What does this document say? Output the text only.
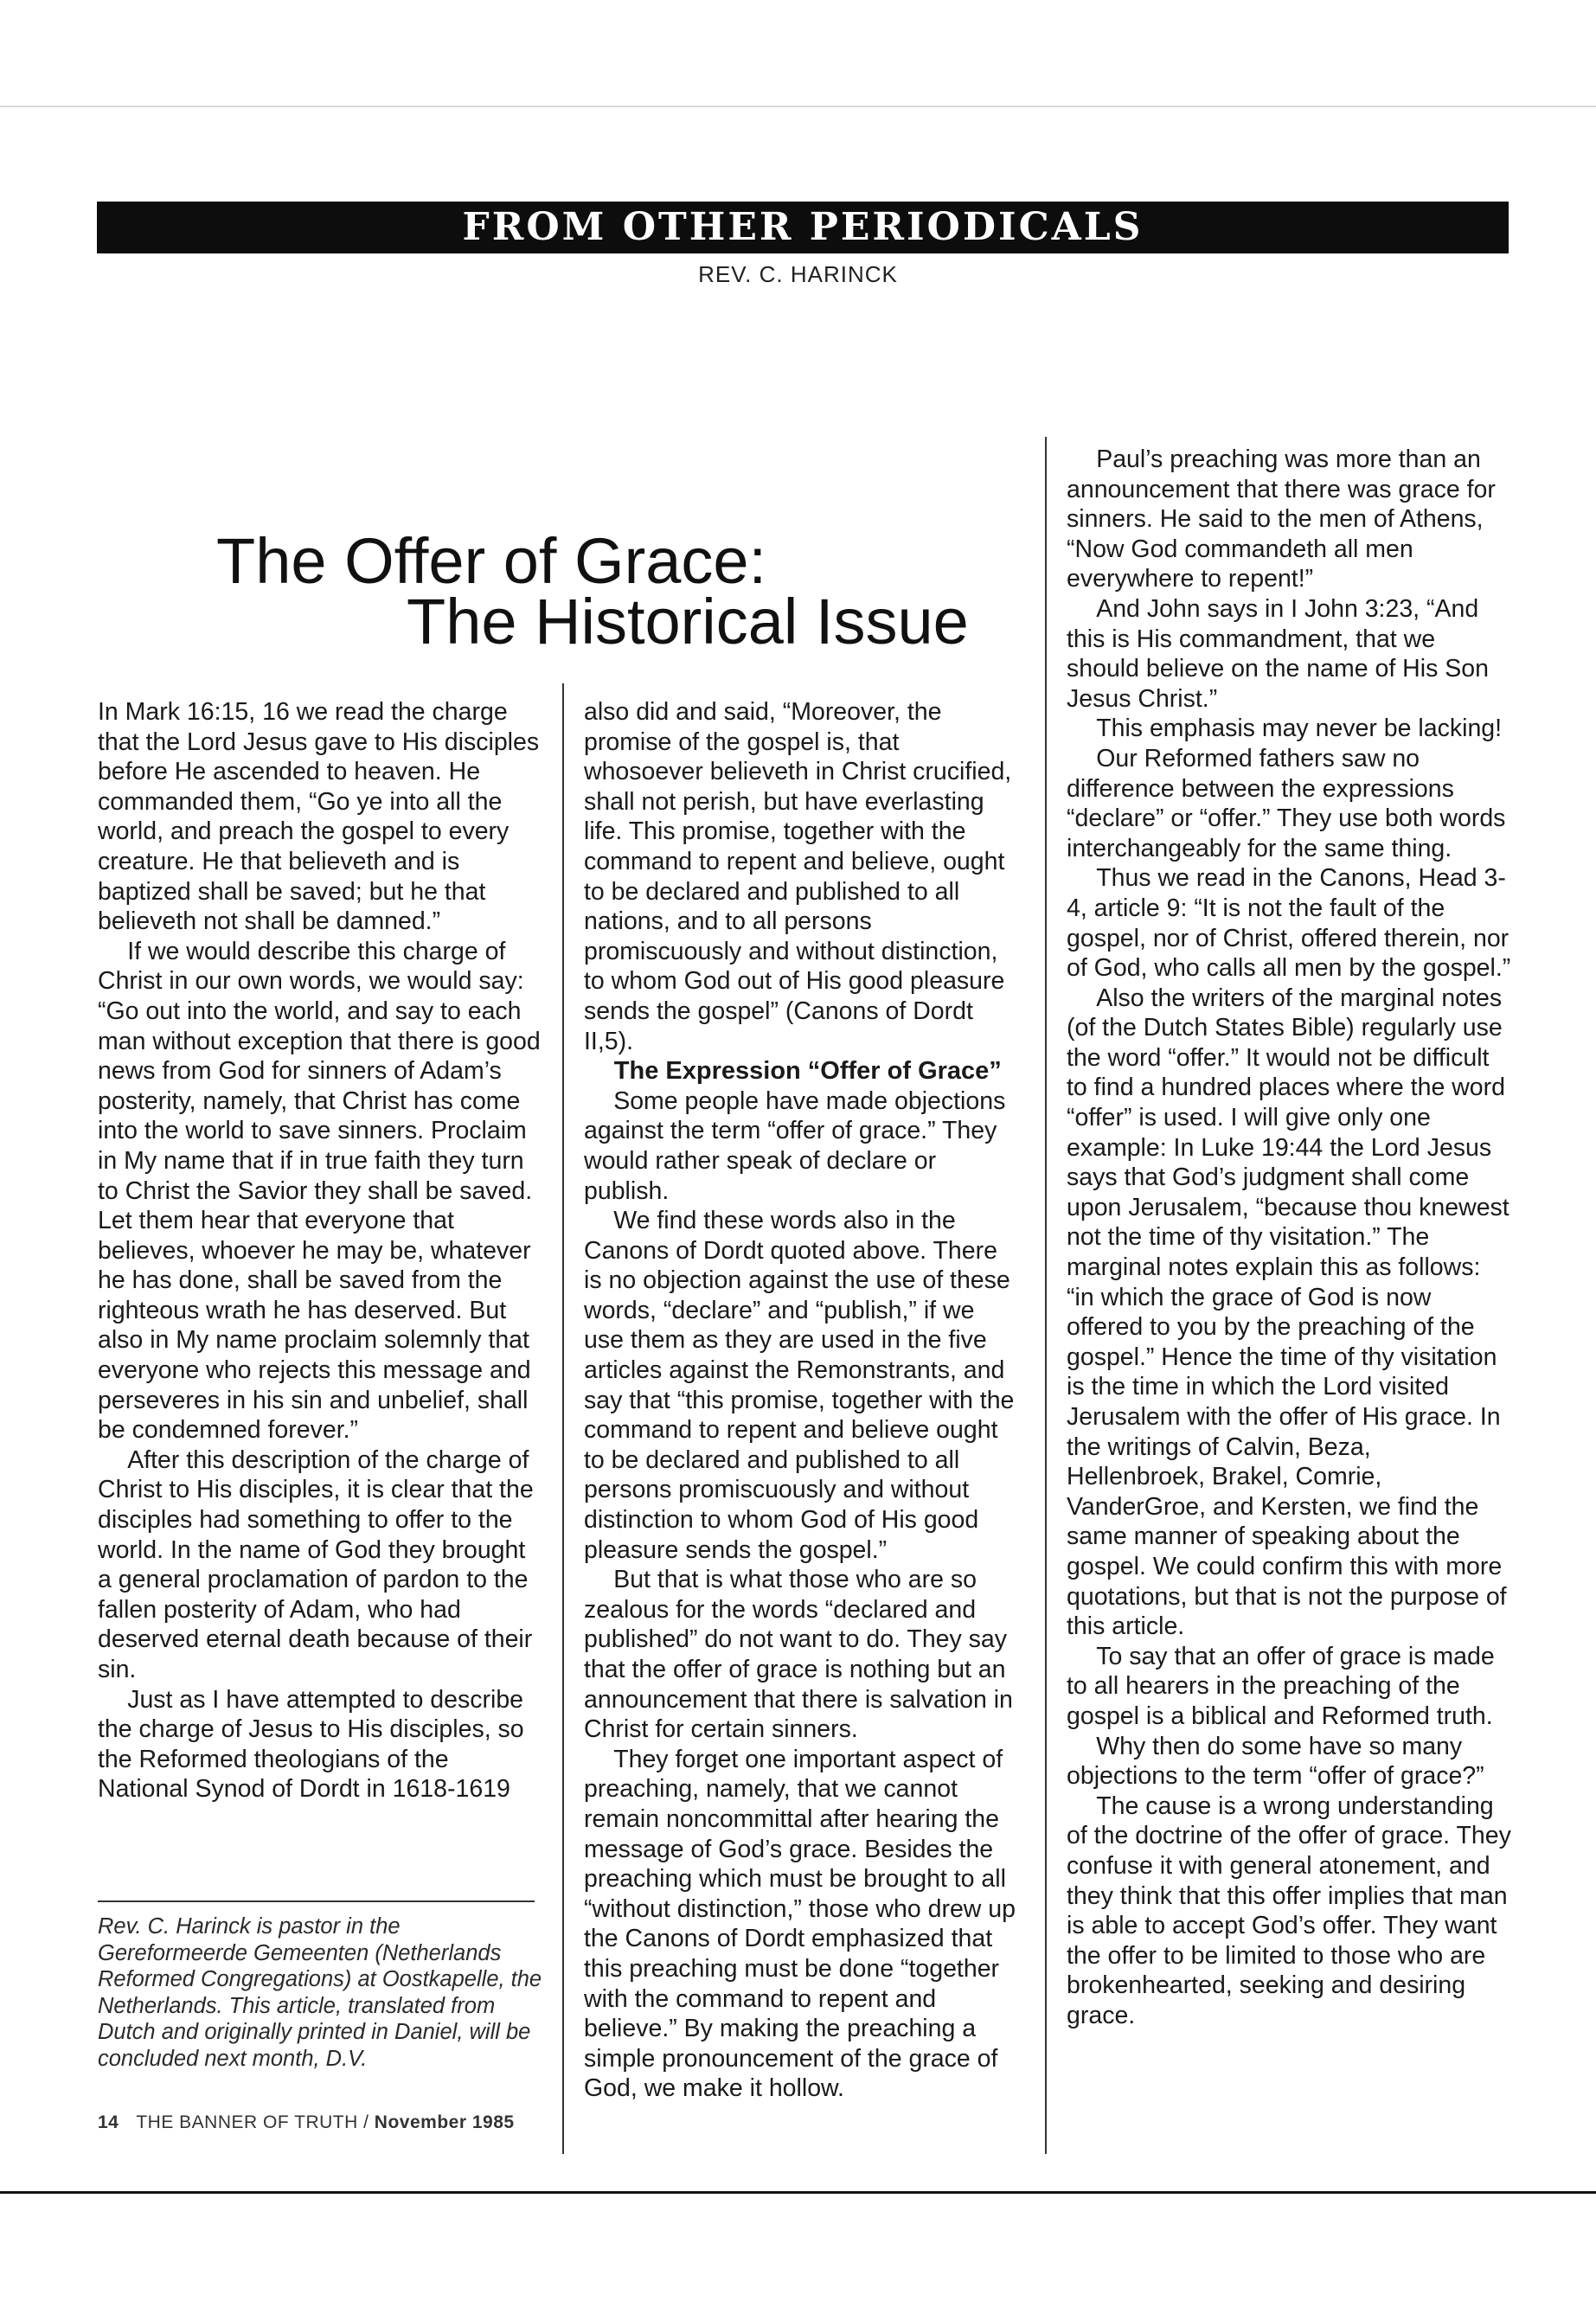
FROM OTHER PERIODICALS
REV. C. HARINCK
The Offer of Grace:
The Historical Issue

In Mark 16:15, 16 we read the charge that the Lord Jesus gave to His disciples before He ascended to heaven. He commanded them, “Go ye into all the world, and preach the gospel to every creature. He that believeth and is baptized shall be saved; but he that believeth not shall be damned.”

If we would describe this charge of Christ in our own words, we would say: “Go out into the world, and say to each man without exception that there is good news from God for sinners of Adam’s posterity, namely, that Christ has come into the world to save sinners. Proclaim in My name that if in true faith they turn to Christ the Savior they shall be saved. Let them hear that everyone that believes, whoever he may be, whatever he has done, shall be saved from the righteous wrath he has deserved. But also in My name proclaim solemnly that everyone who rejects this message and perseveres in his sin and unbelief, shall be condemned forever.”

After this description of the charge of Christ to His disciples, it is clear that the disciples had something to offer to the world. In the name of God they brought a general proclamation of pardon to the fallen posterity of Adam, who had deserved eternal death because of their sin.

Just as I have attempted to describe the charge of Jesus to His disciples, so the Reformed theologians of the National Synod of Dordt in 1618-1619

Rev. C. Harinck is pastor in the Gereformeerde Gemeenten (Netherlands Reformed Congregations) at Oostkapelle, the Netherlands. This article, translated from Dutch and originally printed in Daniel, will be concluded next month, D.V.

also did and said, “Moreover, the promise of the gospel is, that whosoever believeth in Christ crucified, shall not perish, but have everlasting life. This promise, together with the command to repent and believe, ought to be declared and published to all nations, and to all persons promiscuously and without distinction, to whom God out of His good pleasure sends the gospel” (Canons of Dordt II,5).

The Expression “Offer of Grace”

Some people have made objections against the term “offer of grace.” They would rather speak of declare or publish.

We find these words also in the Canons of Dordt quoted above. There is no objection against the use of these words, “declare” and “publish,” if we use them as they are used in the five articles against the Remonstrants, and say that “this promise, together with the command to repent and believe ought to be declared and published to all persons promiscuously and without distinction to whom God of His good pleasure sends the gospel.”

But that is what those who are so zealous for the words “declared and published” do not want to do. They say that the offer of grace is nothing but an announcement that there is salvation in Christ for certain sinners.

They forget one important aspect of preaching, namely, that we cannot remain noncommittal after hearing the message of God’s grace. Besides the preaching which must be brought to all “without distinction,” those who drew up the Canons of Dordt emphasized that this preaching must be done “together with the command to repent and believe.” By making the preaching a simple pronouncement of the grace of God, we make it hollow.

Paul’s preaching was more than an announcement that there was grace for sinners. He said to the men of Athens, “Now God commandeth all men everywhere to repent!”

And John says in I John 3:23, “And this is His commandment, that we should believe on the name of His Son Jesus Christ.”

This emphasis may never be lacking!

Our Reformed fathers saw no difference between the expressions “declare” or “offer.” They use both words interchangeably for the same thing.

Thus we read in the Canons, Head 3-4, article 9: “It is not the fault of the gospel, nor of Christ, offered therein, nor of God, who calls all men by the gospel.”

Also the writers of the marginal notes (of the Dutch States Bible) regularly use the word “offer.” It would not be difficult to find a hundred places where the word “offer” is used. I will give only one example: In Luke 19:44 the Lord Jesus says that God’s judgment shall come upon Jerusalem, “because thou knewest not the time of thy visitation.” The marginal notes explain this as follows: “in which the grace of God is now offered to you by the preaching of the gospel.” Hence the time of thy visitation is the time in which the Lord visited Jerusalem with the offer of His grace. In the writings of Calvin, Beza, Hellenbroek, Brakel, Comrie, VanderGroe, and Kersten, we find the same manner of speaking about the gospel. We could confirm this with more quotations, but that is not the purpose of this article.

To say that an offer of grace is made to all hearers in the preaching of the gospel is a biblical and Reformed truth.

Why then do some have so many objections to the term “offer of grace?”

The cause is a wrong understanding of the doctrine of the offer of grace. They confuse it with general atonement, and they think that this offer implies that man is able to accept God’s offer. They want the offer to be limited to those who are brokenhearted, seeking and desiring grace.

14 THE BANNER OF TRUTH / November 1985
